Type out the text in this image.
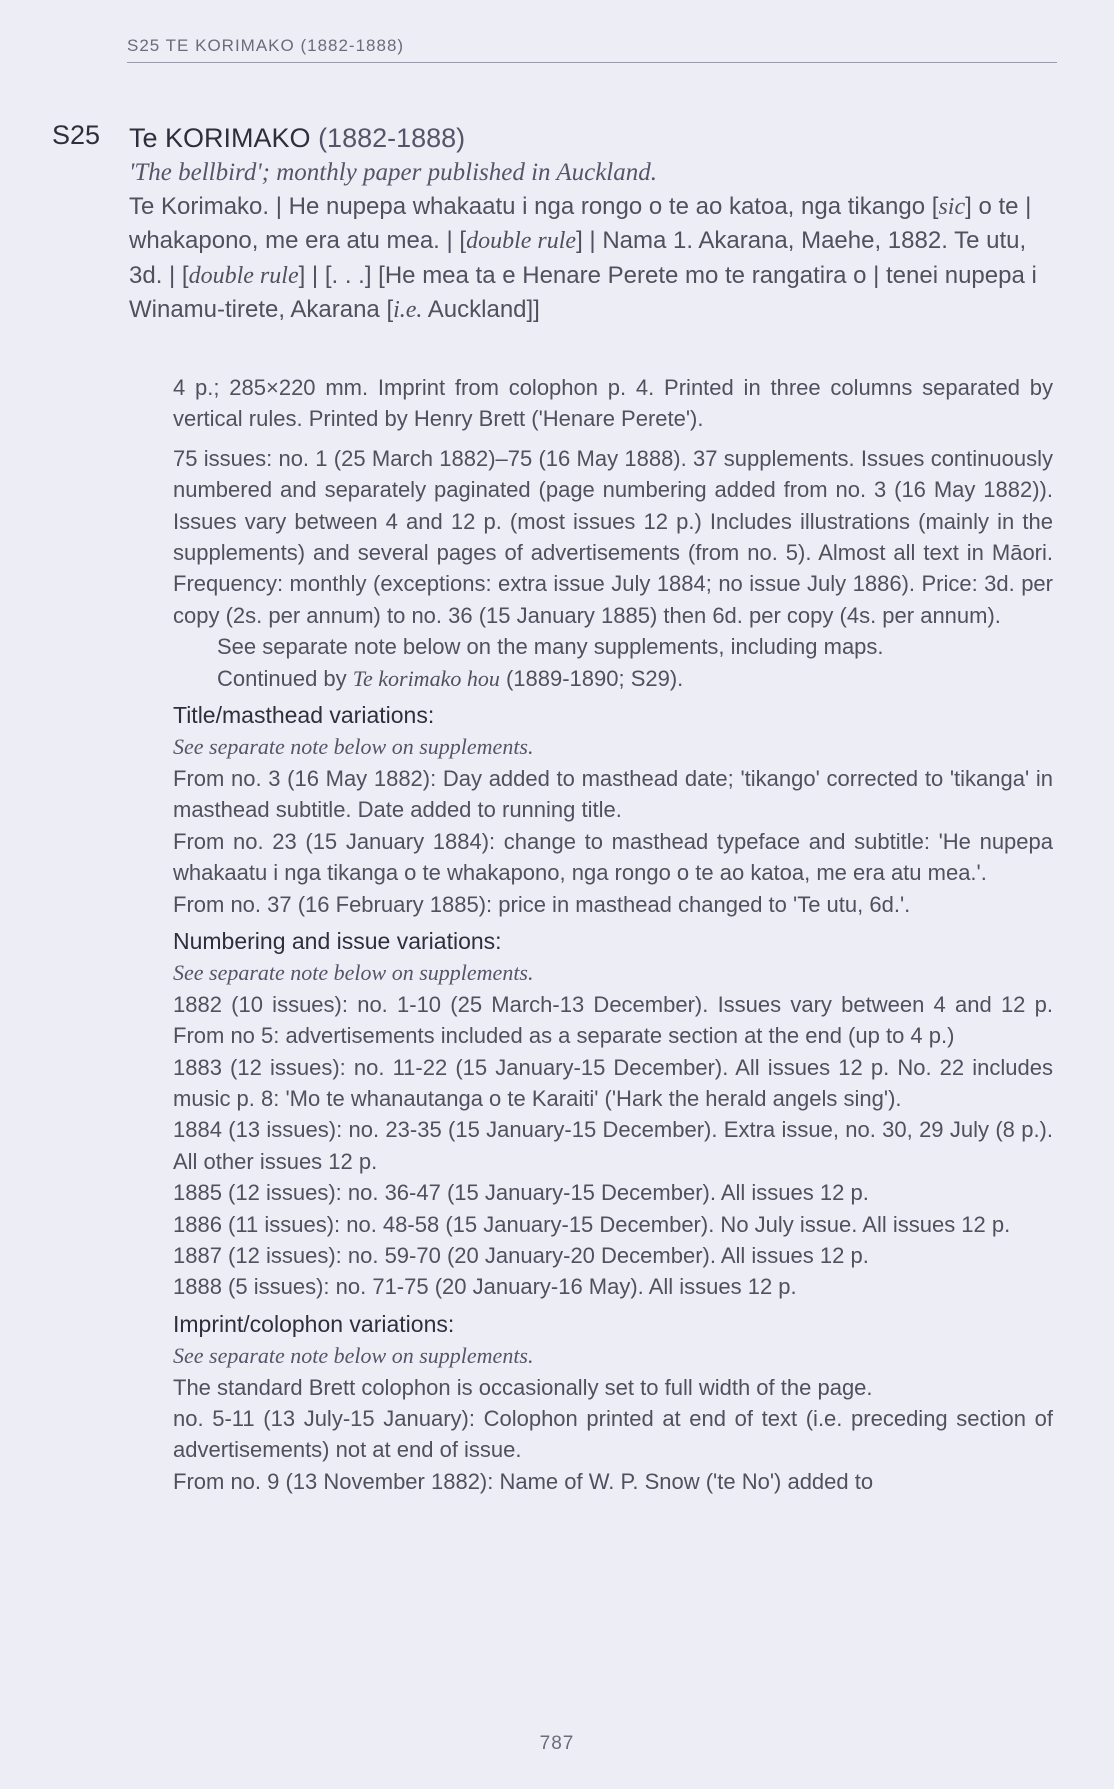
S25 TE KORIMAKO (1882-1888)
S25 Te KORIMAKO (1882-1888)
'The bellbird'; monthly paper published in Auckland.
Te Korimako. | He nupepa whakaatu i nga rongo o te ao katoa, nga tikango [sic] o te | whakapono, me era atu mea. | [double rule] | Nama 1. Akarana, Maehe, 1882. Te utu, 3d. | [double rule] | [. . .] [He mea ta e Henare Perete mo te rangatira o | tenei nupepa i Winamu-tirete, Akarana [i.e. Auckland]]

4 p.; 285×220 mm. Imprint from colophon p. 4. Printed in three columns separated by vertical rules. Printed by Henry Brett ('Henare Perete').

75 issues: no. 1 (25 March 1882)–75 (16 May 1888). 37 supplements. Issues continuously numbered and separately paginated (page numbering added from no. 3 (16 May 1882)). Issues vary between 4 and 12 p. (most issues 12 p.) Includes illustrations (mainly in the supplements) and several pages of advertisements (from no. 5). Almost all text in Māori. Frequency: monthly (exceptions: extra issue July 1884; no issue July 1886). Price: 3d. per copy (2s. per annum) to no. 36 (15 January 1885) then 6d. per copy (4s. per annum).

See separate note below on the many supplements, including maps.

Continued by Te korimako hou (1889-1890; S29).

Title/masthead variations:

See separate note below on supplements.

From no. 3 (16 May 1882): Day added to masthead date; 'tikango' corrected to 'tikanga' in masthead subtitle. Date added to running title.

From no. 23 (15 January 1884): change to masthead typeface and subtitle: 'He nupepa whakaatu i nga tikanga o te whakapono, nga rongo o te ao katoa, me era atu mea.'.

From no. 37 (16 February 1885): price in masthead changed to 'Te utu, 6d.'.

Numbering and issue variations:

See separate note below on supplements.

1882 (10 issues): no. 1-10 (25 March-13 December). Issues vary between 4 and 12 p. From no 5: advertisements included as a separate section at the end (up to 4 p.)

1883 (12 issues): no. 11-22 (15 January-15 December). All issues 12 p. No. 22 includes music p. 8: 'Mo te whanautanga o te Karaiti' ('Hark the herald angels sing').

1884 (13 issues): no. 23-35 (15 January-15 December). Extra issue, no. 30, 29 July (8 p.). All other issues 12 p.

1885 (12 issues): no. 36-47 (15 January-15 December). All issues 12 p.

1886 (11 issues): no. 48-58 (15 January-15 December). No July issue. All issues 12 p.

1887 (12 issues): no. 59-70 (20 January-20 December). All issues 12 p.

1888 (5 issues): no. 71-75 (20 January-16 May). All issues 12 p.

Imprint/colophon variations:

See separate note below on supplements.

The standard Brett colophon is occasionally set to full width of the page.

no. 5-11 (13 July-15 January): Colophon printed at end of text (i.e. preceding section of advertisements) not at end of issue.

From no. 9 (13 November 1882): Name of W. P. Snow ('te No') added to

787
